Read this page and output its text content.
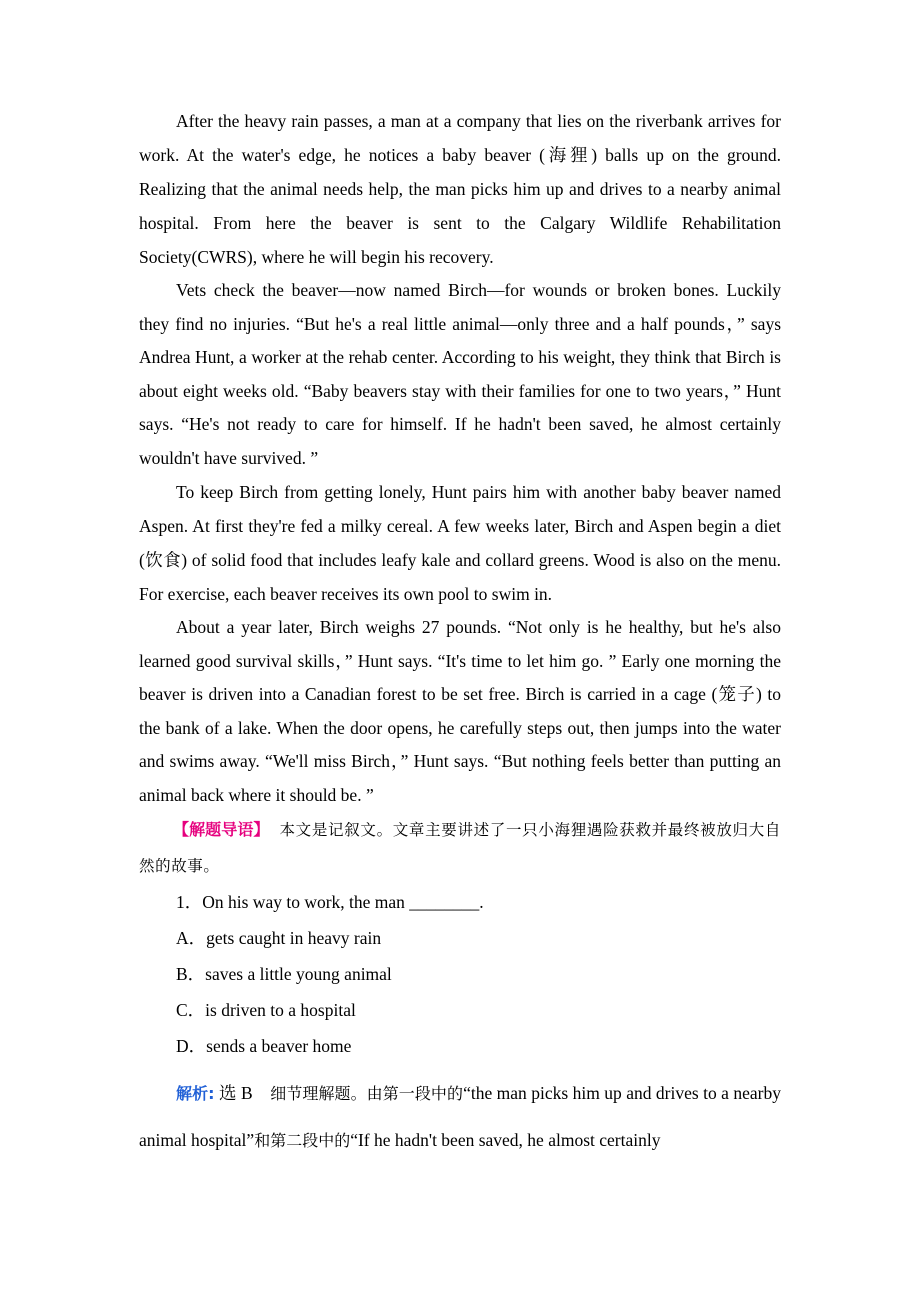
After the heavy rain passes, a man at a company that lies on the riverbank arrives for work. At the water's edge, he notices a baby beaver (海狸) balls up on the ground. Realizing that the animal needs help, the man picks him up and drives to a nearby animal hospital. From here the beaver is sent to the Calgary Wildlife Rehabilitation Society(CWRS), where he will begin his recovery.

Vets check the beaver—now named Birch—for wounds or broken bones. Luckily they find no injuries. “But he's a real little animal—only three and a half pounds，” says Andrea Hunt, a worker at the rehab center. According to his weight, they think that Birch is about eight weeks old. “Baby beavers stay with their families for one to two years，” Hunt says. “He's not ready to care for himself. If he hadn't been saved, he almost certainly wouldn't have survived. ”

To keep Birch from getting lonely, Hunt pairs him with another baby beaver named Aspen. At first they're fed a milky cereal. A few weeks later, Birch and Aspen begin a diet (饮食) of solid food that includes leafy kale and collard greens. Wood is also on the menu. For exercise, each beaver receives its own pool to swim in.

About a year later, Birch weighs 27 pounds. “Not only is he healthy, but he's also learned good survival skills，” Hunt says. “It's time to let him go. ” Early one morning the beaver is driven into a Canadian forest to be set free. Birch is carried in a cage (笼子) to the bank of a lake. When the door opens, he carefully steps out, then jumps into the water and swims away. “We'll miss Birch，” Hunt says. “But nothing feels better than putting an animal back where it should be. ”

【解题导语】 本文是记叙文。文章主要讲述了一只小海狸遇险获救并最终被放归大自然的故事。

1．On his way to work, the man ________.

A．gets caught in heavy rain

B．saves a little young animal

C．is driven to a hospital

D．sends a beaver home

解析: 选 B　细节理解题。由第一段中的“the man picks him up and drives to a nearby animal hospital”和第二段中的“If he hadn't been saved, he almost certainly
